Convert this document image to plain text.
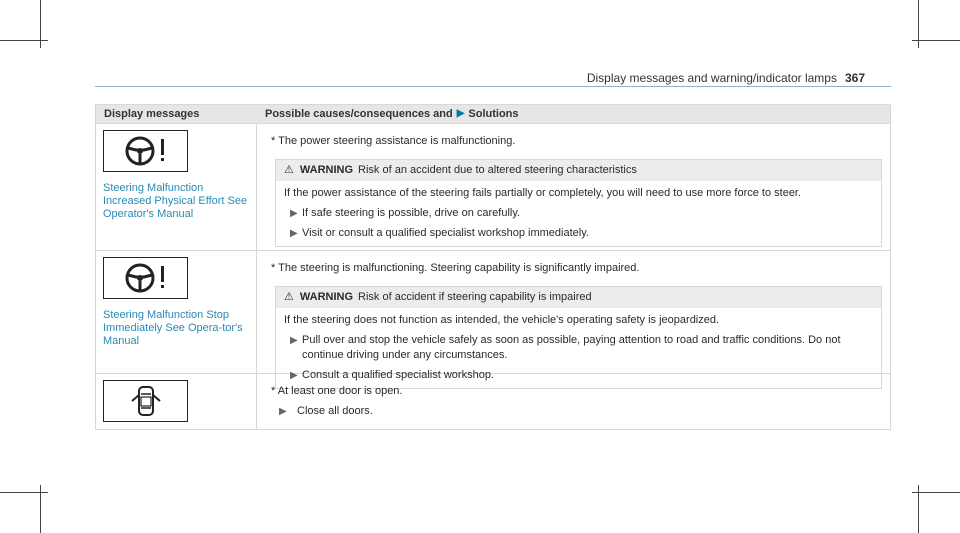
Display messages and warning/indicator lamps 367
Display messages	Possible causes/consequences and ▶ Solutions
Steering Malfunction Increased Physical Effort See Operator's Manual
* The power steering assistance is malfunctioning.
⚠ WARNING Risk of an accident due to altered steering characteristics
If the power assistance of the steering fails partially or completely, you will need to use more force to steer.
▶ If safe steering is possible, drive on carefully.
▶ Visit or consult a qualified specialist workshop immediately.
Steering Malfunction Stop Immediately See Opera-tor's Manual
* The steering is malfunctioning. Steering capability is significantly impaired.
⚠ WARNING Risk of accident if steering capability is impaired
If the steering does not function as intended, the vehicle's operating safety is jeopardized.
▶ Pull over and stop the vehicle safely as soon as possible, paying attention to road and traffic conditions. Do not continue driving under any circumstances.
▶ Consult a qualified specialist workshop.
* At least one door is open.
▶ Close all doors.
